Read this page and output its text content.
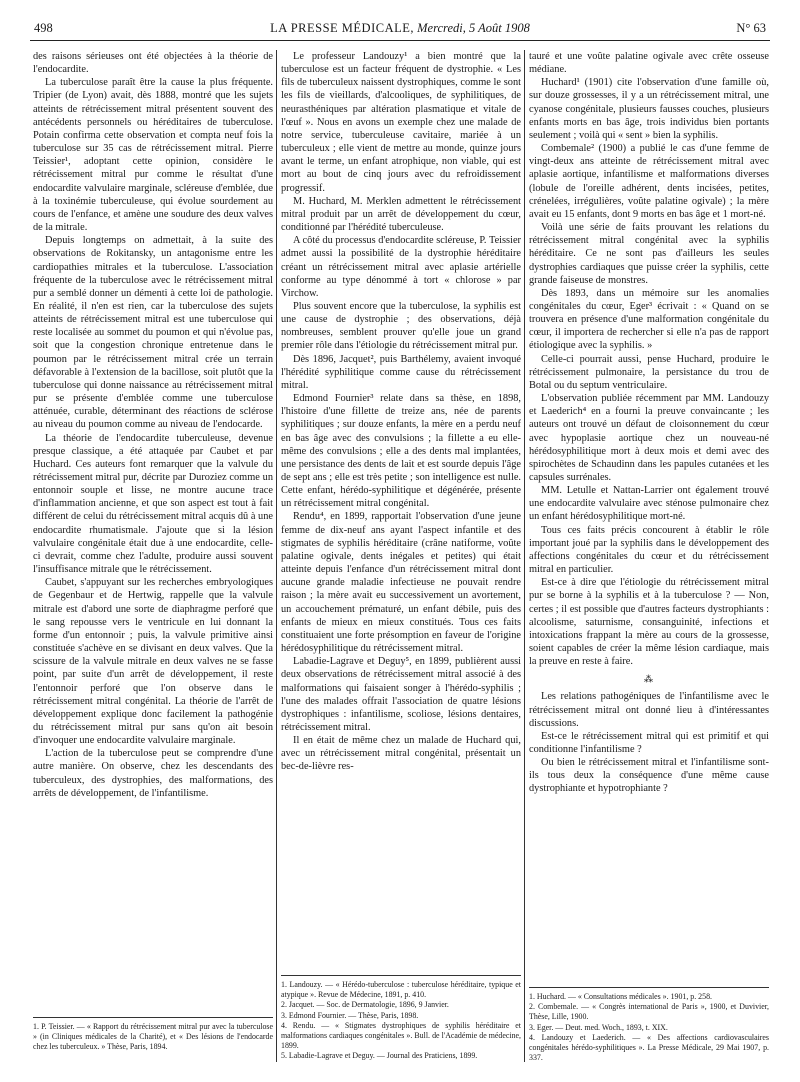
498	LA PRESSE MÉDICALE, Mercredi, 5 Août 1908	N° 63

des raisons sérieuses ont été objectées à la théorie de l'endocardite.

La tuberculose paraît être la cause la plus fréquente. Tripier (de Lyon) avait, dès 1888, montré que les sujets atteints de rétrécissement mitral présentent souvent des antécédents personnels ou héréditaires de tuberculose. Potain confirma cette observation et compta neuf fois la tuberculose sur 35 cas de rétrécissement mitral. Pierre Teissier¹, adoptant cette opinion, considère le rétrécissement mitral pur comme le résultat d'une endocardite valvulaire marginale, scléreuse d'emblée, due à la toxinémie tuberculeuse, qui évolue sourdement au cours de l'enfance, et amène une soudure des deux valves de la mitrale.

Depuis longtemps on admettait, à la suite des observations de Rokitansky, un antagonisme entre les cardiopathies mitrales et la tuberculose. L'association fréquente de la tuberculose avec le rétrécissement mitral pur a semblé donner un démenti à cette loi de pathologie. En réalité, il n'en est rien, car la tuberculose des sujets atteints de rétrécissement mitral est une tuberculose qui reste localisée au sommet du poumon et qui n'évolue pas, soit que la congestion chronique entretenue dans le poumon par le rétrécissement mitral crée un terrain défavorable à l'extension de la bacillose, soit plutôt que la tuberculose qui donne naissance au rétrécissement mitral pur se présente d'emblée comme une tuberculose atténuée, curable, déterminant des réactions de sclérose au niveau du poumon comme au niveau de l'endocarde.

La théorie de l'endocardite tuberculeuse, devenue presque classique, a été attaquée par Caubet et par Huchard. Ces auteurs font remarquer que la valvule du rétrécissement mitral pur, décrite par Duroziez comme un entonnoir souple et lisse, ne montre aucune trace d'inflammation ancienne, et que son aspect est tout à fait différent de celui du rétrécissement mitral acquis dû à une endocardite rhumatismale. J'ajoute que si la lésion valvulaire congénitale était due à une endocardite, celle-ci devrait, comme chez l'adulte, produire aussi souvent l'insuffisance mitrale que le rétrécissement.

Caubet, s'appuyant sur les recherches embryologiques de Gegenbaur et de Hertwig, rappelle que la valvule mitrale est d'abord une sorte de diaphragme perforé que le sang repousse vers le ventricule en lui donnant la forme d'un entonnoir ; puis, la valvule primitive ainsi constituée s'achève en se divisant en deux valves. Que la scissure de la valvule mitrale en deux valves ne se fasse point, par suite d'un arrêt de développement, il reste l'entonnoir perforé que l'on observe dans le rétrécissement mitral congénital. La théorie de l'arrêt de développement explique donc facilement la pathogénie du rétrécissement mitral pur sans qu'on ait besoin d'invoquer une endocardite valvulaire marginale.

L'action de la tuberculose peut se comprendre d'une autre manière. On observe, chez les descendants des tuberculeux, des dystrophies, des malformations, des arrêts de développement, de l'infantilisme.

1. P. Teissier. — « Rapport du rétrécissement mitral pur avec la tuberculose » (in Cliniques médicales de la Charité), et « Des lésions de l'endocarde chez les tuberculeux. » Thèse, Paris, 1894.

Le professeur Landouzy¹ a bien montré que la tuberculose est un facteur fréquent de dystrophie. « Les fils de tuberculeux naissent dystrophiques, comme le sont les fils de vieillards, d'alcooliques, de syphilitiques, de neurasthéniques par altération plasmatique et vitale de l'œuf ». Nous en avons un exemple chez une malade de notre service, tuberculeuse cavitaire, mariée à un tuberculeux ; elle vient de mettre au monde, quinze jours avant le terme, un enfant atrophique, non viable, qui est mort au bout de cinq jours avec du refroidissement progressif.

M. Huchard, M. Merklen admettent le rétrécissement mitral produit par un arrêt de développement du cœur, conditionné par l'hérédité tuberculeuse.

A côté du processus d'endocardite scléreuse, P. Teissier admet aussi la possibilité de la dystrophie héréditaire créant un rétrécissement mitral avec aplasie artérielle conforme au type dénommé à tort « chlorose » par Virchow.

Plus souvent encore que la tuberculose, la syphilis est une cause de dystrophie ; des observations, déjà nombreuses, semblent prouver qu'elle joue un grand premier rôle dans l'étiologie du rétrécissement mitral pur.

Dès 1896, Jacquet², puis Barthélemy, avaient invoqué l'hérédité syphilitique comme cause du rétrécissement mitral.

Edmond Fournier³ relate dans sa thèse, en 1898, l'histoire d'une fillette de treize ans, née de parents syphilitiques ; sur douze enfants, la mère en a perdu neuf en bas âge avec des convulsions ; la fillette a eu elle-même des convulsions ; elle a des dents mal implantées, une persistance des dents de lait et est sourde depuis l'âge de sept ans ; elle est très petite ; son intelligence est nulle. Cette enfant, hérédo-syphilitique et dégénérée, présente un rétrécissement mitral congénital.

Rendu⁴, en 1899, rapportait l'observation d'une jeune femme de dix-neuf ans ayant l'aspect infantile et des stigmates de syphilis héréditaire (crâne natiforme, voûte palatine ogivale, dents inégales et petites) qui était atteinte depuis l'enfance d'un rétrécissement mitral dont aucune grande maladie infectieuse ne pouvait rendre raison ; la mère avait eu successivement un avortement, un accouchement prématuré, un enfant débile, puis des enfants de mieux en mieux constitués. Tous ces faits constituaient une forte présomption en faveur de l'origine hérédosyphilitique du rétrécissement mitral.

Labadie-Lagrave et Deguy⁵, en 1899, publièrent aussi deux observations de rétrécissement mitral associé à des malformations qui faisaient songer à l'hérédo-syphilis ; l'une des malades offrait l'association de quatre lésions dystrophiques : infantilisme, scoliose, lésions dentaires, rétrécissement mitral.

Il en était de même chez un malade de Huchard qui, avec un rétrécissement mitral congénital, présentait un bec-de-lièvre res-

1. Landouzy. — « Hérédo-tuberculose : tuberculose héréditaire, typique et atypique ». Revue de Médecine, 1891, p. 410.
2. Jacquet. — Soc. de Dermatologie, 1896, 9 Janvier.
3. Edmond Fournier. — Thèse, Paris, 1898.
4. Rendu. — « Stigmates dystrophiques de syphilis héréditaire et malformations cardiaques congénitales ». Bull. de l'Académie de médecine, 1899.
5. Labadie-Lagrave et Deguy. — Journal des Praticiens, 1899.

tauré et une voûte palatine ogivale avec crête osseuse médiane.

Huchard¹ (1901) cite l'observation d'une famille où, sur douze grossesses, il y a un rétrécissement mitral, une cyanose congénitale, plusieurs fausses couches, plusieurs enfants morts en bas âge, trois individus bien portants seulement ; voilà qui « sent » bien la syphilis.

Combemale² (1900) a publié le cas d'une femme de vingt-deux ans atteinte de rétrécissement mitral avec aplasie aortique, infantilisme et malformations diverses (lobule de l'oreille adhérent, dents incisées, petites, crénelées, irrégulières, voûte palatine ogivale) ; la mère avait eu 15 enfants, dont 9 morts en bas âge et 1 mort-né.

Voilà une série de faits prouvant les relations du rétrécissement mitral congénital avec la syphilis héréditaire. Ce ne sont pas d'ailleurs les seules dystrophies cardiaques que puisse créer la syphilis, cette grande faiseuse de monstres.

Dès 1893, dans un mémoire sur les anomalies congénitales du cœur, Eger³ écrivait : « Quand on se trouvera en présence d'une malformation congénitale du cœur, il importera de rechercher si elle n'a pas de rapport étiologique avec la syphilis. »

Celle-ci pourrait aussi, pense Huchard, produire le rétrécissement pulmonaire, la persistance du trou de Botal ou du septum ventriculaire.

L'observation publiée récemment par MM. Landouzy et Laederich⁴ en a fourni la preuve convaincante ; les auteurs ont trouvé un défaut de cloisonnement du cœur avec hypoplasie aortique chez un nouveau-né hérédosyphilitique mort à deux mois et demi avec des spirochètes de Schaudinn dans les papules cutanées et les capsules surrénales.

MM. Letulle et Nattan-Larrier ont également trouvé une endocardite valvulaire avec sténose pulmonaire chez un enfant hérédosyphilitique mort-né.

Tous ces faits précis concourent à établir le rôle important joué par la syphilis dans le développement des affections congénitales du cœur et du rétrécissement mitral en particulier.

Est-ce à dire que l'étiologie du rétrécissement mitral pur se borne à la syphilis et à la tuberculose ? — Non, certes ; il est possible que d'autres facteurs dystrophiants : alcoolisme, saturnisme, consanguinité, infections et intoxications frappant la mère au cours de la grossesse, soient capables de créer la même lésion cardiaque, mais la preuve en reste à faire.

⁂

Les relations pathogéniques de l'infantilisme avec le rétrécissement mitral ont donné lieu à d'intéressantes discussions.

Est-ce le rétrécissement mitral qui est primitif et qui conditionne l'infantilisme ?

Ou bien le rétrécissement mitral et l'infantilisme sont-ils tous deux la conséquence d'une même cause dystrophiante et hypotrophiante ?

1. Huchard. — « Consultations médicales ». 1901, p. 258.
2. Combemale. — « Congrès international de Paris », 1900, et Duvivier, Thèse, Lille, 1900.
3. Eger. — Deut. med. Woch., 1893, t. XIX.
4. Landouzy et Laederich. — « Des affections cardiovasculaires congénitales hérédo-syphilitiques ». La Presse Médicale, 29 Mai 1907, p. 337.
